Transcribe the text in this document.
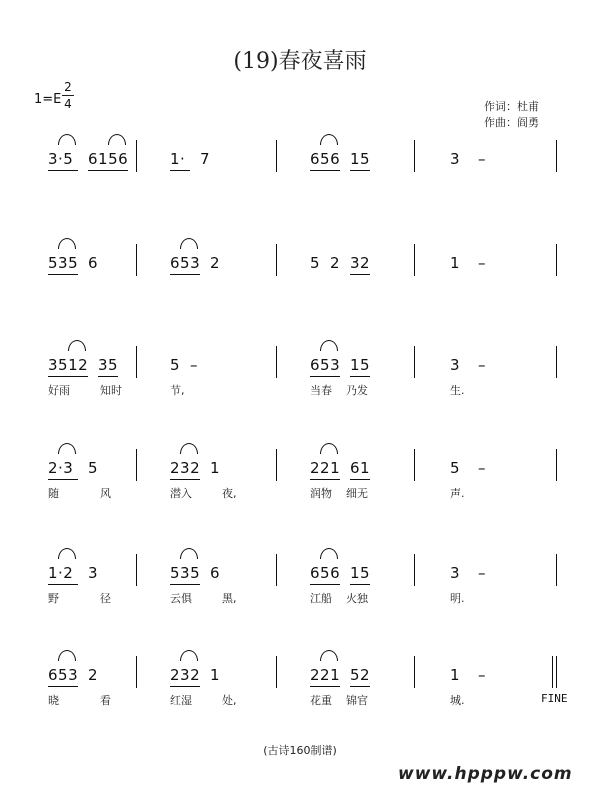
(19)春夜喜雨
1=E
2
4	作词：杜甫
作曲：阎勇
3·5 6156	1· 7	656 15	3 –
535 6	653 2	5 2 32	1 –
3512 35
好雨	知时
5 –
节,
653 15
当春 乃发
3 –
生.
2·3 5
随	风
232 1
潜入	夜,
221 61
润物 细无
5 –
声.
1·2 3
野	径
535 6
云俱	黑,
656 15
江船 火独
3 –
明.
653 2
晓	看
232 1
红湿	处,
221 52
花重 锦官
1 –
城.	FINE
(古诗160制谱)
www.hpppw.com
